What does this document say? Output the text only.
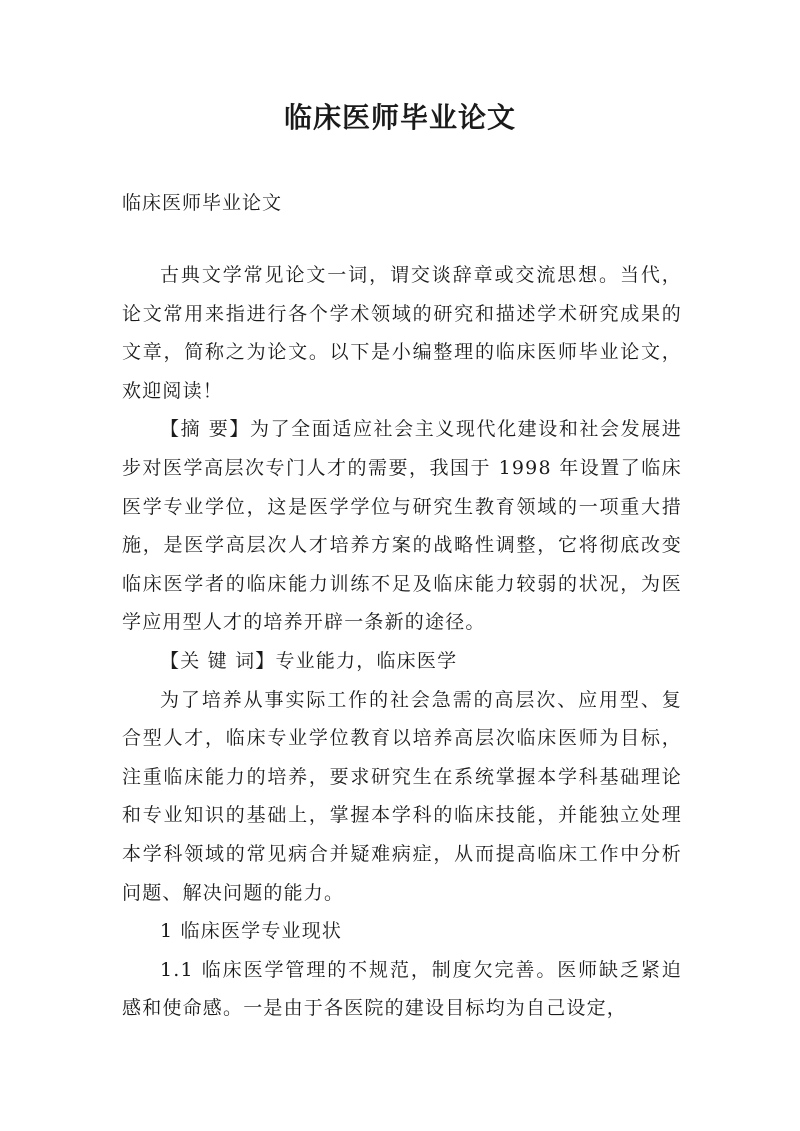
临床医师毕业论文

临床医师毕业论文

古典文学常见论文一词，谓交谈辞章或交流思想。当代，论文常用来指进行各个学术领域的研究和描述学术研究成果的文章，简称之为论文。以下是小编整理的临床医师毕业论文，欢迎阅读！

【摘 要】为了全面适应社会主义现代化建设和社会发展进步对医学高层次专门人才的需要，我国于 1998 年设置了临床医学专业学位，这是医学学位与研究生教育领域的一项重大措施，是医学高层次人才培养方案的战略性调整，它将彻底改变临床医学者的临床能力训练不足及临床能力较弱的状况，为医学应用型人才的培养开辟一条新的途径。

【关 键 词】专业能力，临床医学

为了培养从事实际工作的社会急需的高层次、应用型、复合型人才，临床专业学位教育以培养高层次临床医师为目标，注重临床能力的培养，要求研究生在系统掌握本学科基础理论和专业知识的基础上，掌握本学科的临床技能，并能独立处理本学科领域的常见病合并疑难病症，从而提高临床工作中分析问题、解决问题的能力。

1 临床医学专业现状

1.1 临床医学管理的不规范，制度欠完善。医师缺乏紧迫感和使命感。一是由于各医院的建设目标均为自己设定，
